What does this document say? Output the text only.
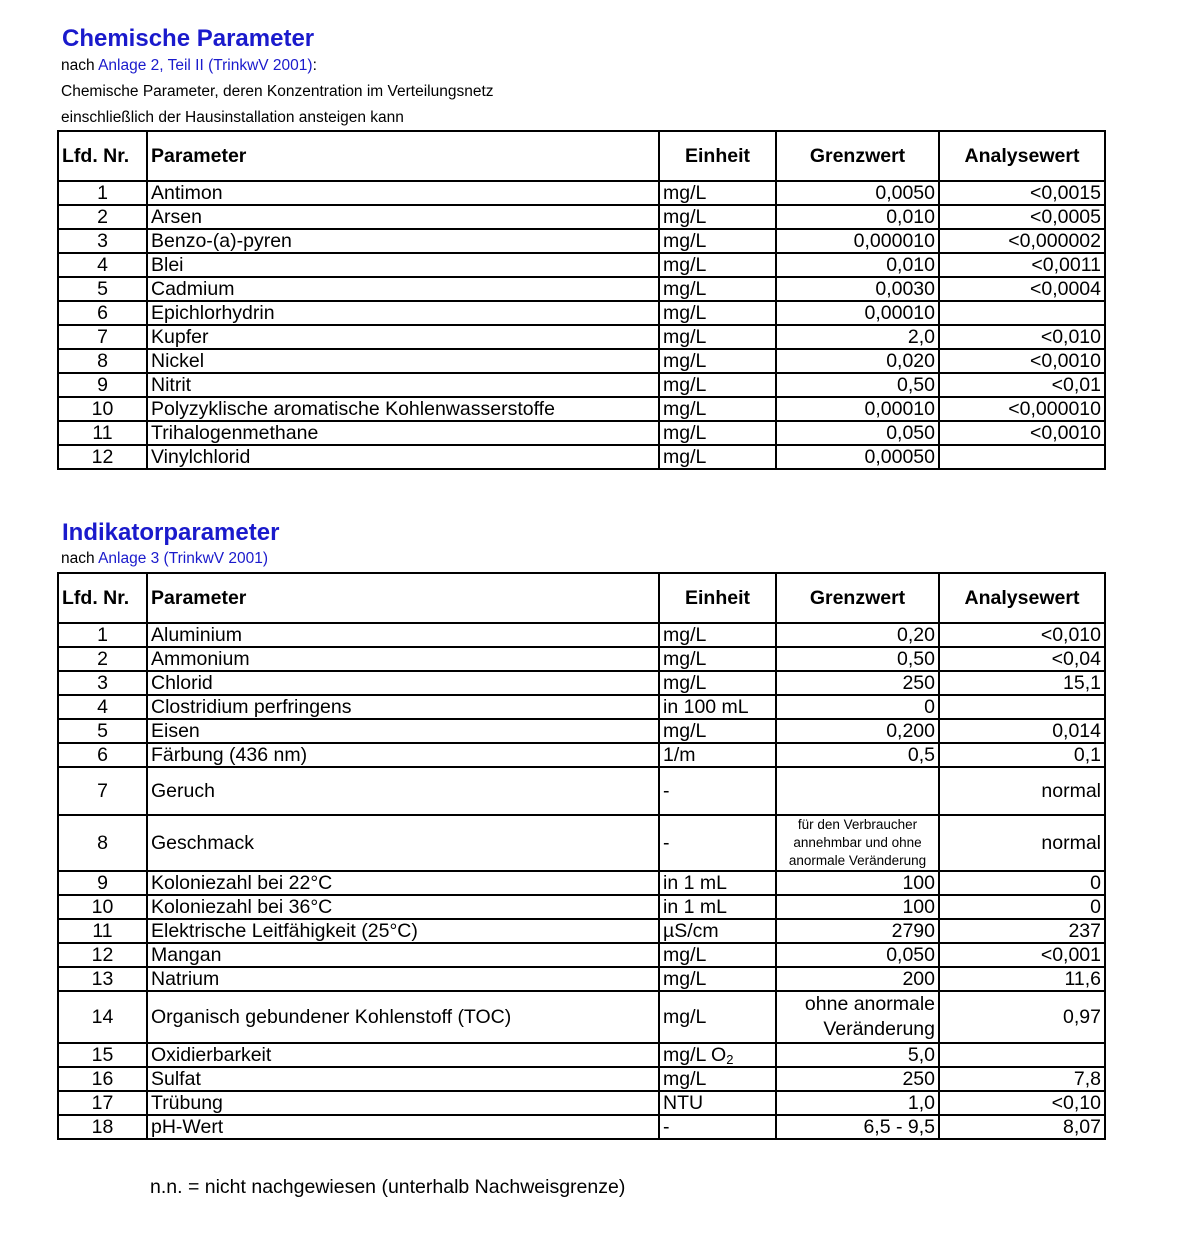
Chemische Parameter
nach Anlage 2, Teil II (TrinkwV 2001):
Chemische Parameter, deren Konzentration im Verteilungsnetz
einschließlich der Hausinstallation ansteigen kann
Lfd. Nr.	Parameter	Einheit	Grenzwert	Analysewert
1	Antimon	mg/L	0,0050	<0,0015
2	Arsen	mg/L	0,010	<0,0005
3	Benzo-(a)-pyren	mg/L	0,000010	<0,000002
4	Blei	mg/L	0,010	<0,0011
5	Cadmium	mg/L	0,0030	<0,0004
6	Epichlorhydrin	mg/L	0,00010	
7	Kupfer	mg/L	2,0	<0,010
8	Nickel	mg/L	0,020	<0,0010
9	Nitrit	mg/L	0,50	<0,01
10	Polyzyklische aromatische Kohlenwasserstoffe	mg/L	0,00010	<0,000010
11	Trihalogenmethane	mg/L	0,050	<0,0010
12	Vinylchlorid	mg/L	0,00050	
Indikatorparameter
nach Anlage 3 (TrinkwV 2001)
Lfd. Nr.	Parameter	Einheit	Grenzwert	Analysewert
1	Aluminium	mg/L	0,20	<0,010
2	Ammonium	mg/L	0,50	<0,04
3	Chlorid	mg/L	250	15,1
4	Clostridium perfringens	in 100 mL	0	
5	Eisen	mg/L	0,200	0,014
6	Färbung (436 nm)	1/m	0,5	0,1
7	Geruch	-		normal
8	Geschmack	-	für den Verbraucher annehmbar und ohne anormale Veränderung	normal
9	Koloniezahl bei 22°C	in 1 mL	100	0
10	Koloniezahl bei 36°C	in 1 mL	100	0
11	Elektrische Leitfähigkeit (25°C)	µS/cm	2790	237
12	Mangan	mg/L	0,050	<0,001
13	Natrium	mg/L	200	11,6
14	Organisch gebundener Kohlenstoff (TOC)	mg/L	ohne anormale Veränderung	0,97
15	Oxidierbarkeit	mg/L $O_2$	5,0	
16	Sulfat	mg/L	250	7,8
17	Trübung	NTU	1,0	<0,10
18	pH-Wert	-	6,5 - 9,5	8,07
n.n. = nicht nachgewiesen (unterhalb Nachweisgrenze)
